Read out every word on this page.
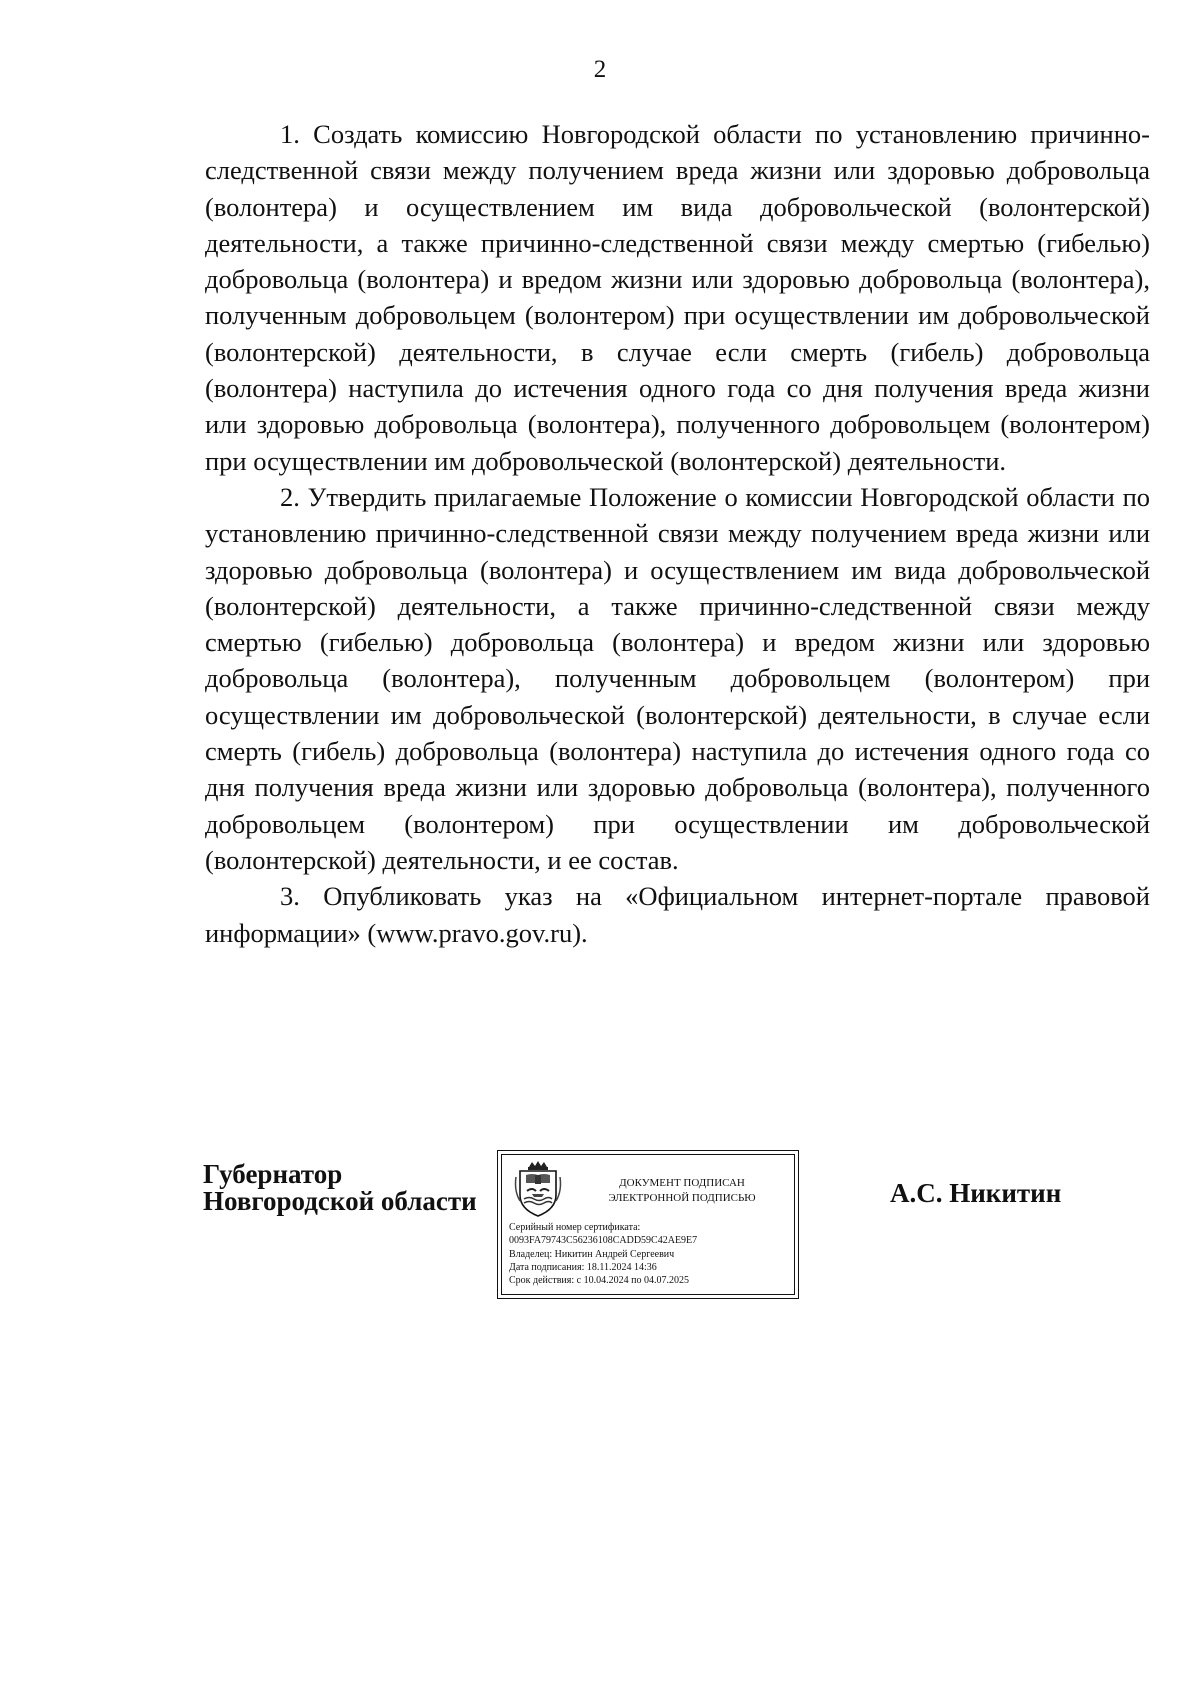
2

1. Создать комиссию Новгородской области по установлению причинно-следственной связи между получением вреда жизни или здоровью добровольца (волонтера) и осуществлением им вида добровольческой (волонтерской) деятельности, а также причинно-следственной связи между смертью (гибелью) добровольца (волонтера) и вредом жизни или здоровью добровольца (волонтера), полученным добровольцем (волонтером) при осуществлении им добровольческой (волонтерской) деятельности, в случае если смерть (гибель) добровольца (волонтера) наступила до истечения одного года со дня получения вреда жизни или здоровью добровольца (волонтера), полученного добровольцем (волонтером) при осуществлении им добровольческой (волонтерской) деятельности.

2. Утвердить прилагаемые Положение о комиссии Новгородской области по установлению причинно-следственной связи между получением вреда жизни или здоровью добровольца (волонтера) и осуществлением им вида добровольческой (волонтерской) деятельности, а также причинно-следственной связи между смертью (гибелью) добровольца (волонтера) и вредом жизни или здоровью добровольца (волонтера), полученным добровольцем (волонтером) при осуществлении им добровольческой (волонтерской) деятельности, в случае если смерть (гибель) добровольца (волонтера) наступила до истечения одного года со дня получения вреда жизни или здоровью добровольца (волонтера), полученного добровольцем (волонтером) при осуществлении им добровольческой (волонтерской) деятельности, и ее состав.

3. Опубликовать указ на «Официальном интернет-портале правовой информации» (www.pravo.gov.ru).

Губернатор
Новгородской области
ДОКУМЕНТ ПОДПИСАН
ЭЛЕКТРОННОЙ ПОДПИСЬЮ
Серийный номер сертификата:
0093FA79743C56236108CADD59C42AE9E7
Владелец: Никитин Андрей Сергеевич
Дата подписания: 18.11.2024 14:36
Срок действия: с 10.04.2024 по 04.07.2025
А.С. Никитин
